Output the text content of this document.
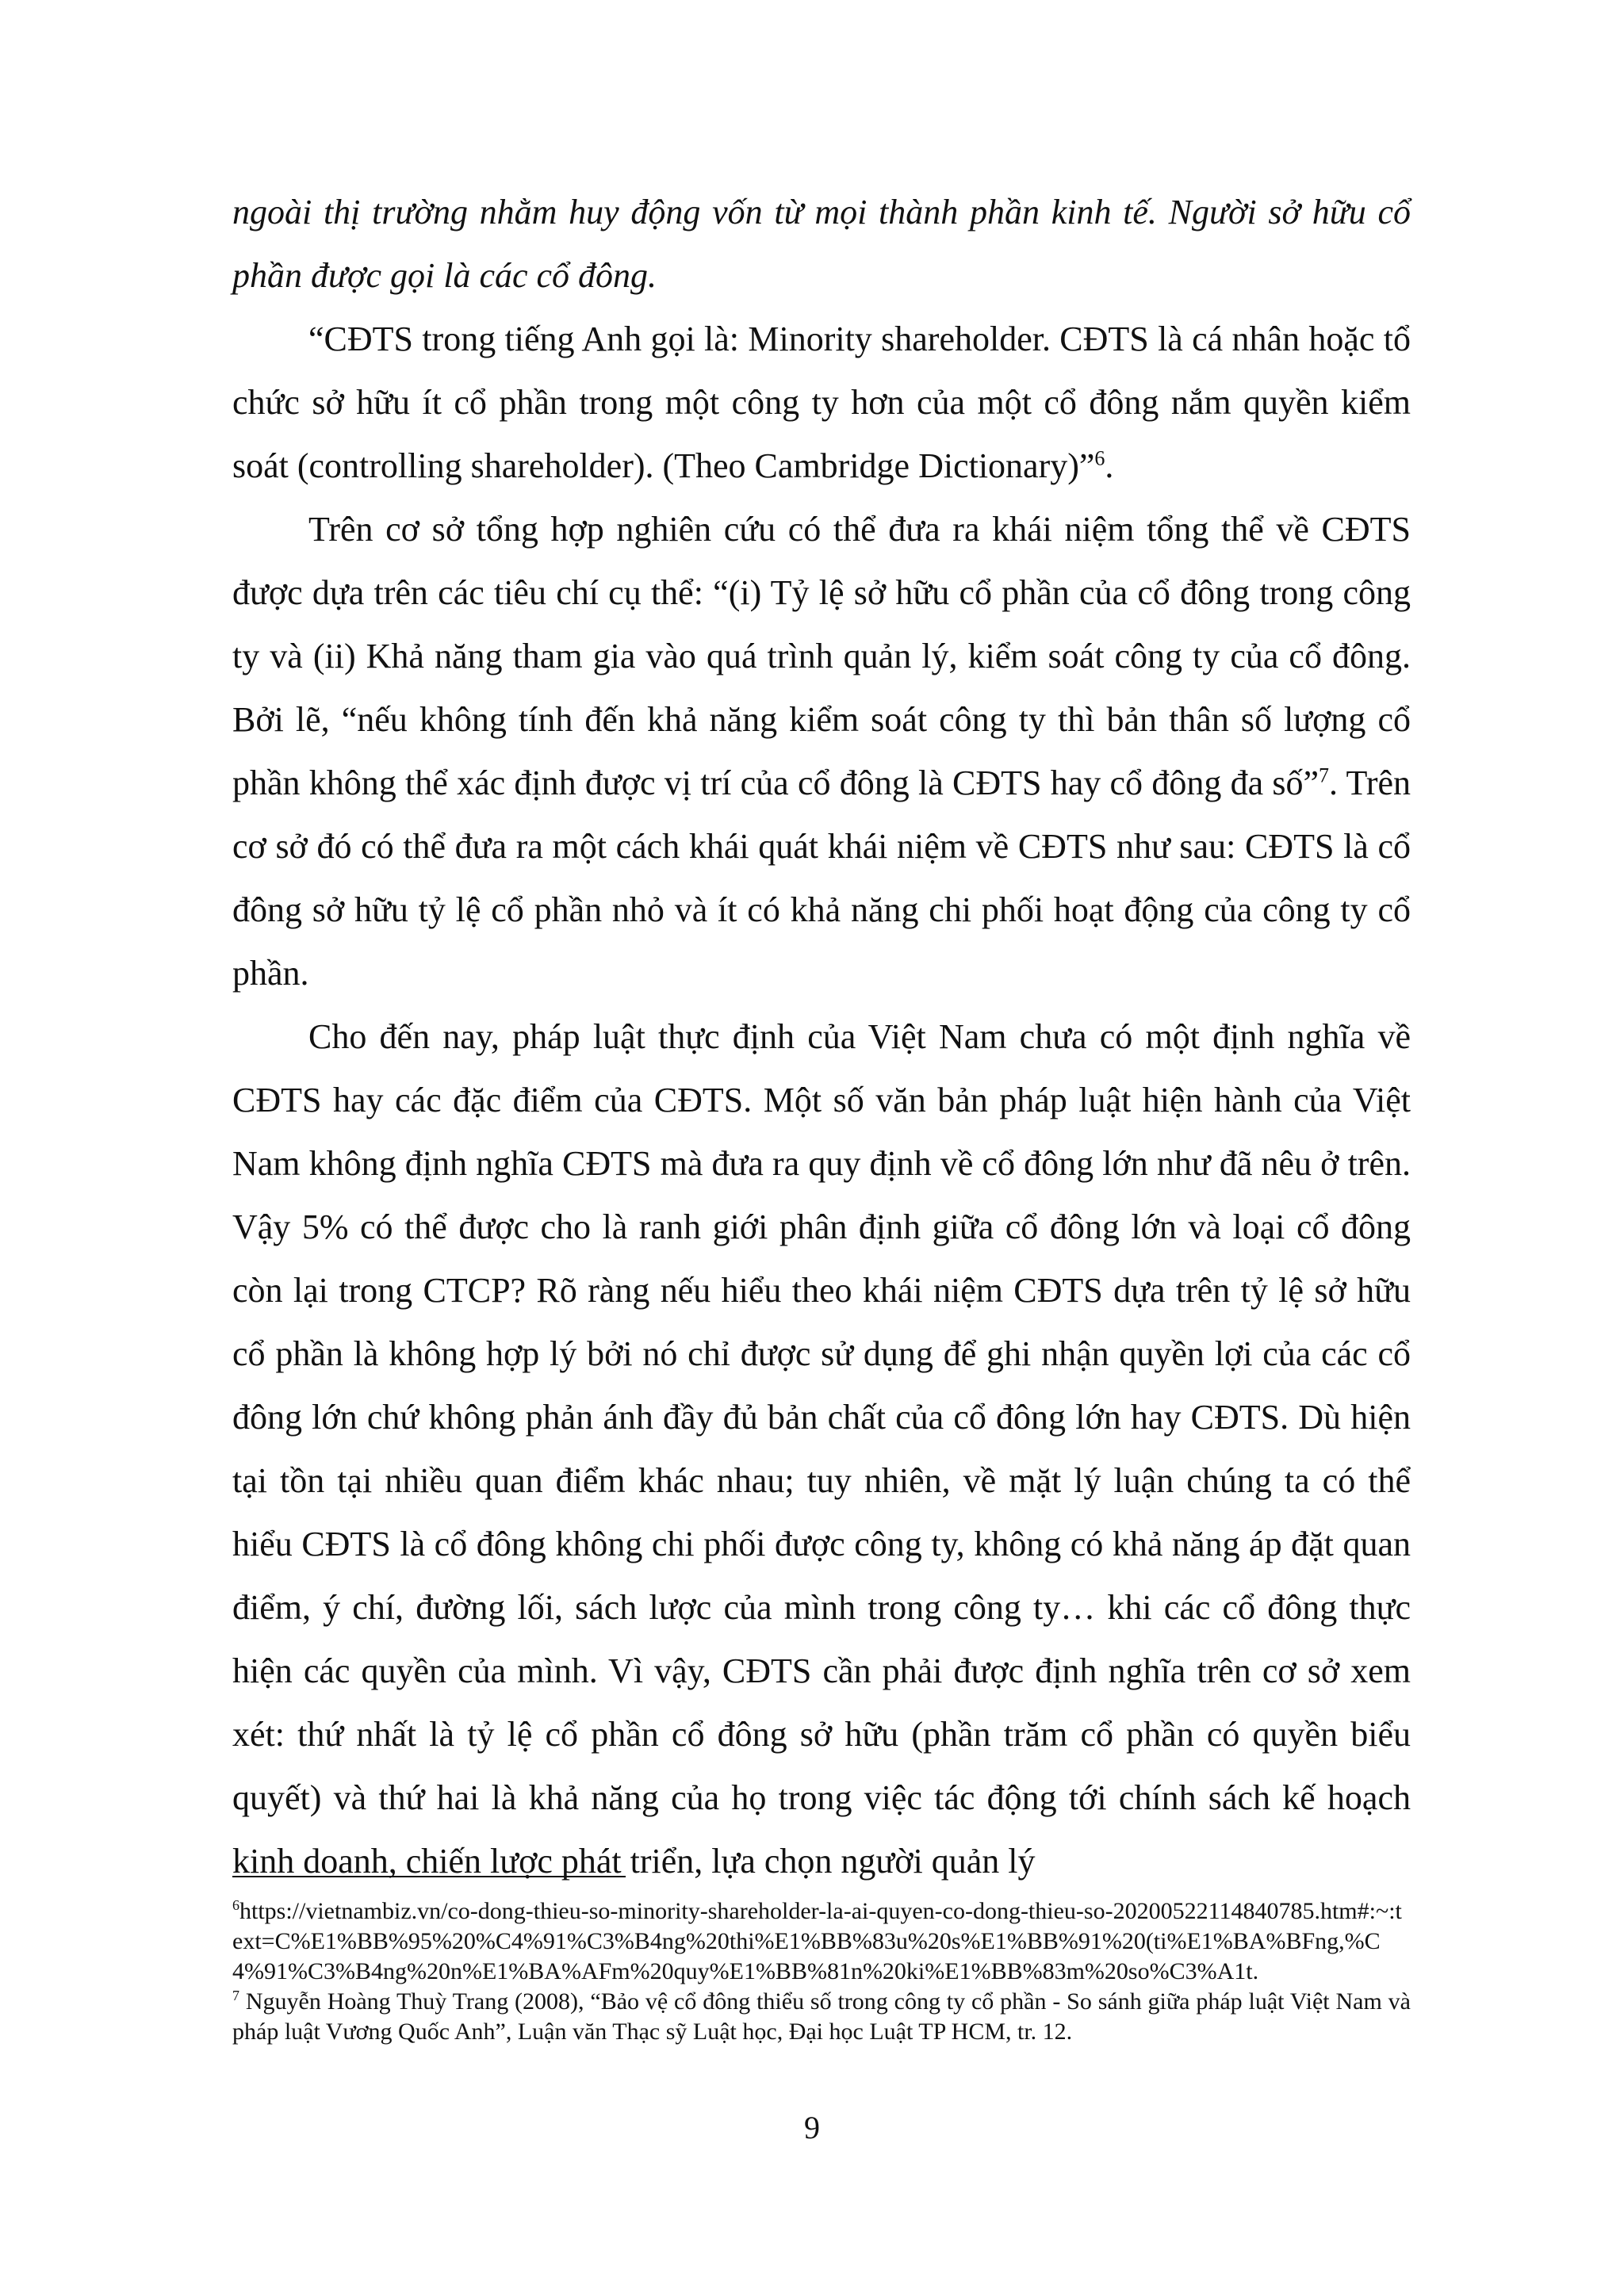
ngoài thị trường nhằm huy động vốn từ mọi thành phần kinh tế. Người sở hữu cổ phần được gọi là các cổ đông.

“CĐTS trong tiếng Anh gọi là: Minority shareholder. CĐTS là cá nhân hoặc tổ chức sở hữu ít cổ phần trong một công ty hơn của một cổ đông nắm quyền kiểm soát (controlling shareholder). (Theo Cambridge Dictionary)”$^6$.

Trên cơ sở tổng hợp nghiên cứu có thể đưa ra khái niệm tổng thể về CĐTS được dựa trên các tiêu chí cụ thể: “(i) Tỷ lệ sở hữu cổ phần của cổ đông trong công ty và (ii) Khả năng tham gia vào quá trình quản lý, kiểm soát công ty của cổ đông. Bởi lẽ, “nếu không tính đến khả năng kiểm soát công ty thì bản thân số lượng cổ phần không thể xác định được vị trí của cổ đông là CĐTS hay cổ đông đa số”$^7$. Trên cơ sở đó có thể đưa ra một cách khái quát khái niệm về CĐTS như sau: CĐTS là cổ đông sở hữu tỷ lệ cổ phần nhỏ và ít có khả năng chi phối hoạt động của công ty cổ phần.

Cho đến nay, pháp luật thực định của Việt Nam chưa có một định nghĩa về CĐTS hay các đặc điểm của CĐTS. Một số văn bản pháp luật hiện hành của Việt Nam không định nghĩa CĐTS mà đưa ra quy định về cổ đông lớn như đã nêu ở trên. Vậy 5% có thể được cho là ranh giới phân định giữa cổ đông lớn và loại cổ đông còn lại trong CTCP? Rõ ràng nếu hiểu theo khái niệm CĐTS dựa trên tỷ lệ sở hữu cổ phần là không hợp lý bởi nó chỉ được sử dụng để ghi nhận quyền lợi của các cổ đông lớn chứ không phản ánh đầy đủ bản chất của cổ đông lớn hay CĐTS. Dù hiện tại tồn tại nhiều quan điểm khác nhau; tuy nhiên, về mặt lý luận chúng ta có thể hiểu CĐTS là cổ đông không chi phối được công ty, không có khả năng áp đặt quan điểm, ý chí, đường lối, sách lược của mình trong công ty… khi các cổ đông thực hiện các quyền của mình. Vì vậy, CĐTS cần phải được định nghĩa trên cơ sở xem xét: thứ nhất là tỷ lệ cổ phần cổ đông sở hữu (phần trăm cổ phần có quyền biểu quyết) và thứ hai là khả năng của họ trong việc tác động tới chính sách kế hoạch kinh doanh, chiến lược phát triển, lựa chọn người quản lý

$^6$https://vietnambiz.vn/co-dong-thieu-so-minority-shareholder-la-ai-quyen-co-dong-thieu-so-20200522114840785.htm#:~:text=C%E1%BB%95%20%C4%91%C3%B4ng%20thi%E1%BB%83u%20s%E1%BB%91%20(ti%E1%BA%BFng,%C4%91%C3%B4ng%20n%E1%BA%AFm%20quy%E1%BB%81n%20ki%E1%BB%83m%20so%C3%A1t.

$^7$ Nguyễn Hoàng Thuỳ Trang (2008), “Bảo vệ cổ đông thiểu số trong công ty cổ phần - So sánh giữa pháp luật Việt Nam và pháp luật Vương Quốc Anh”, Luận văn Thạc sỹ Luật học, Đại học Luật TP HCM, tr. 12.

9
